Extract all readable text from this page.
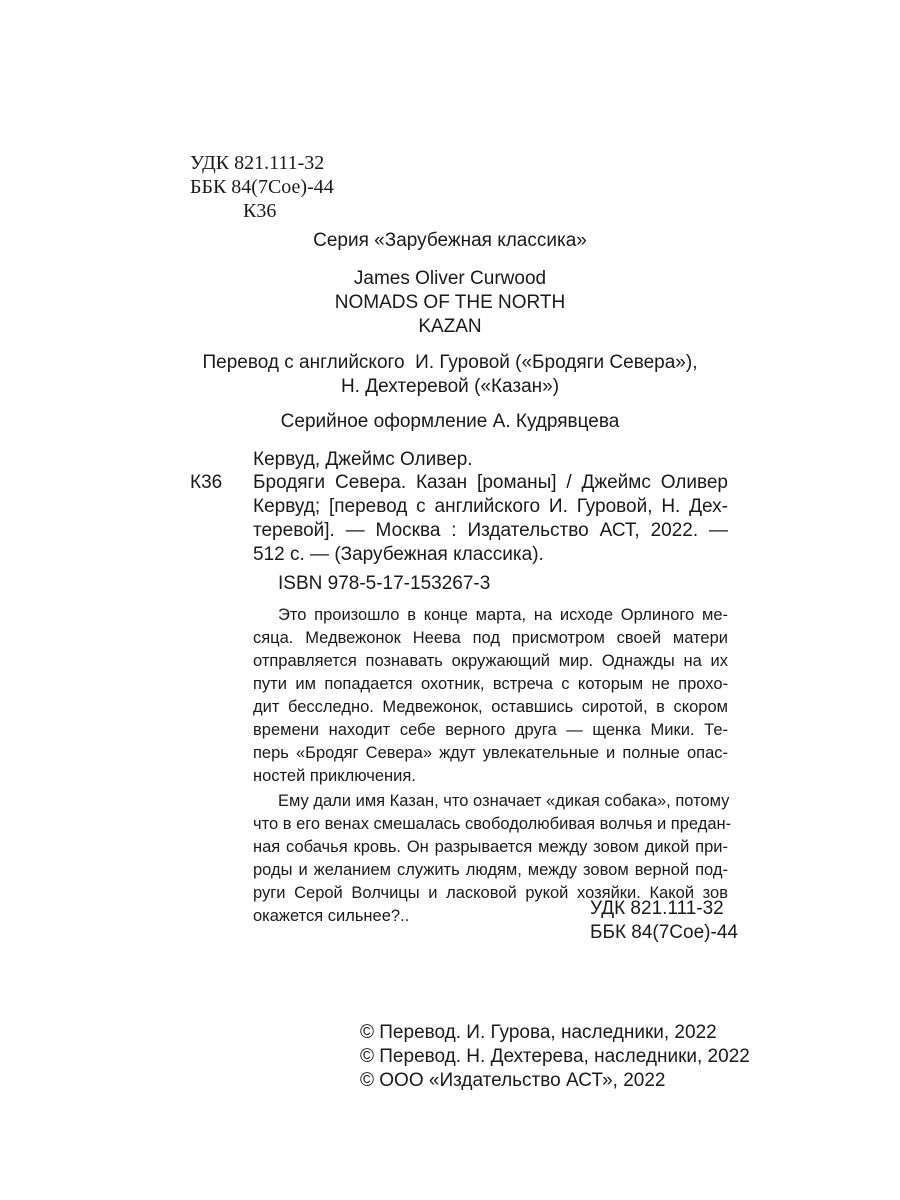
УДК 821.111-32
ББК 84(7Сое)-44
К36
Серия «Зарубежная классика»
James Oliver Curwood
NOMADS OF THE NORTH
KAZAN
Перевод с английского  И. Гуровой («Бродяги Севера»),
Н. Дехтеревой («Казан»)
Серийное оформление А. Кудрявцева
Кервуд, Джеймс Оливер.
К36 Бродяги Севера. Казан [романы] / Джеймс Оливер
Кервуд; [перевод с английского И. Гуровой, Н. Дех-
теревой]. — Москва : Издательство АСТ, 2022. —
512 с. — (Зарубежная классика).
ISBN 978-5-17-153267-3
Это произошло в конце марта, на исходе Орлиного ме-
сяца. Медвежонок Неева под присмотром своей матери
отправляется познавать окружающий мир. Однажды на их
пути им попадается охотник, встреча с которым не прохо-
дит бесследно. Медвежонок, оставшись сиротой, в скором
времени находит себе верного друга — щенка Мики. Те-
перь «Бродяг Севера» ждут увлекательные и полные опас-
ностей приключения.
Ему дали имя Казан, что означает «дикая собака», потому
что в его венах смешалась свободолюбивая волчья и предан-
ная собачья кровь. Он разрывается между зовом дикой при-
роды и желанием служить людям, между зовом верной под-
руги Серой Волчицы и ласковой рукой хозяйки. Какой зов
окажется сильнее?..	УДК 821.111-32
ББК 84(7Сое)-44
© Перевод. И. Гурова, наследники, 2022
© Перевод. Н. Дехтерева, наследники, 2022
© ООО «Издательство АСТ», 2022
